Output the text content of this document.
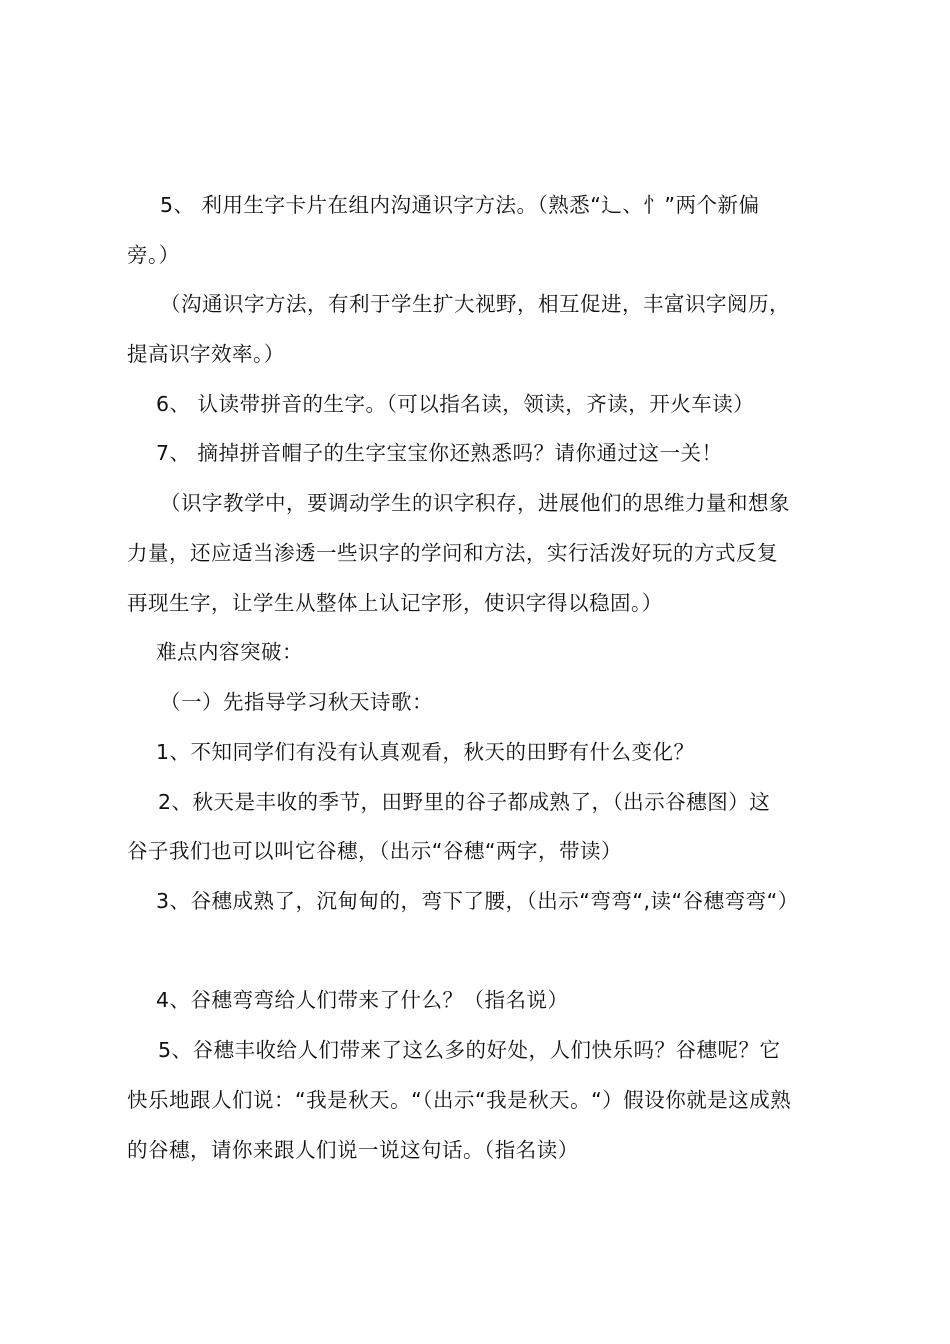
5、 利用生字卡片在组内沟通识字方法。（熟悉“辶、忄”两个新偏
旁。）
（沟通识字方法，有利于学生扩大视野，相互促进，丰富识字阅历，
提高识字效率。）
6、 认读带拼音的生字。（可以指名读，领读，齐读，开火车读）
7、 摘掉拼音帽子的生字宝宝你还熟悉吗？请你通过这一关！
（识字教学中，要调动学生的识字积存，进展他们的思维力量和想象
力量，还应适当渗透一些识字的学问和方法，实行活泼好玩的方式反复
再现生字，让学生从整体上认记字形，使识字得以稳固。）
难点内容突破：
（一）先指导学习秋天诗歌：
1、不知同学们有没有认真观看，秋天的田野有什么变化？
2、秋天是丰收的季节，田野里的谷子都成熟了，（出示谷穗图）这
谷子我们也可以叫它谷穗，（出示“谷穗“两字，带读）
3、谷穗成熟了，沉甸甸的，弯下了腰，（出示“弯弯“,读“谷穗弯弯“）
4、谷穗弯弯给人们带来了什么？（指名说）
5、谷穗丰收给人们带来了这么多的好处，人们快乐吗？谷穗呢？它
快乐地跟人们说：“我是秋天。“（出示“我是秋天。“）假设你就是这成熟
的谷穗，请你来跟人们说一说这句话。（指名读）
